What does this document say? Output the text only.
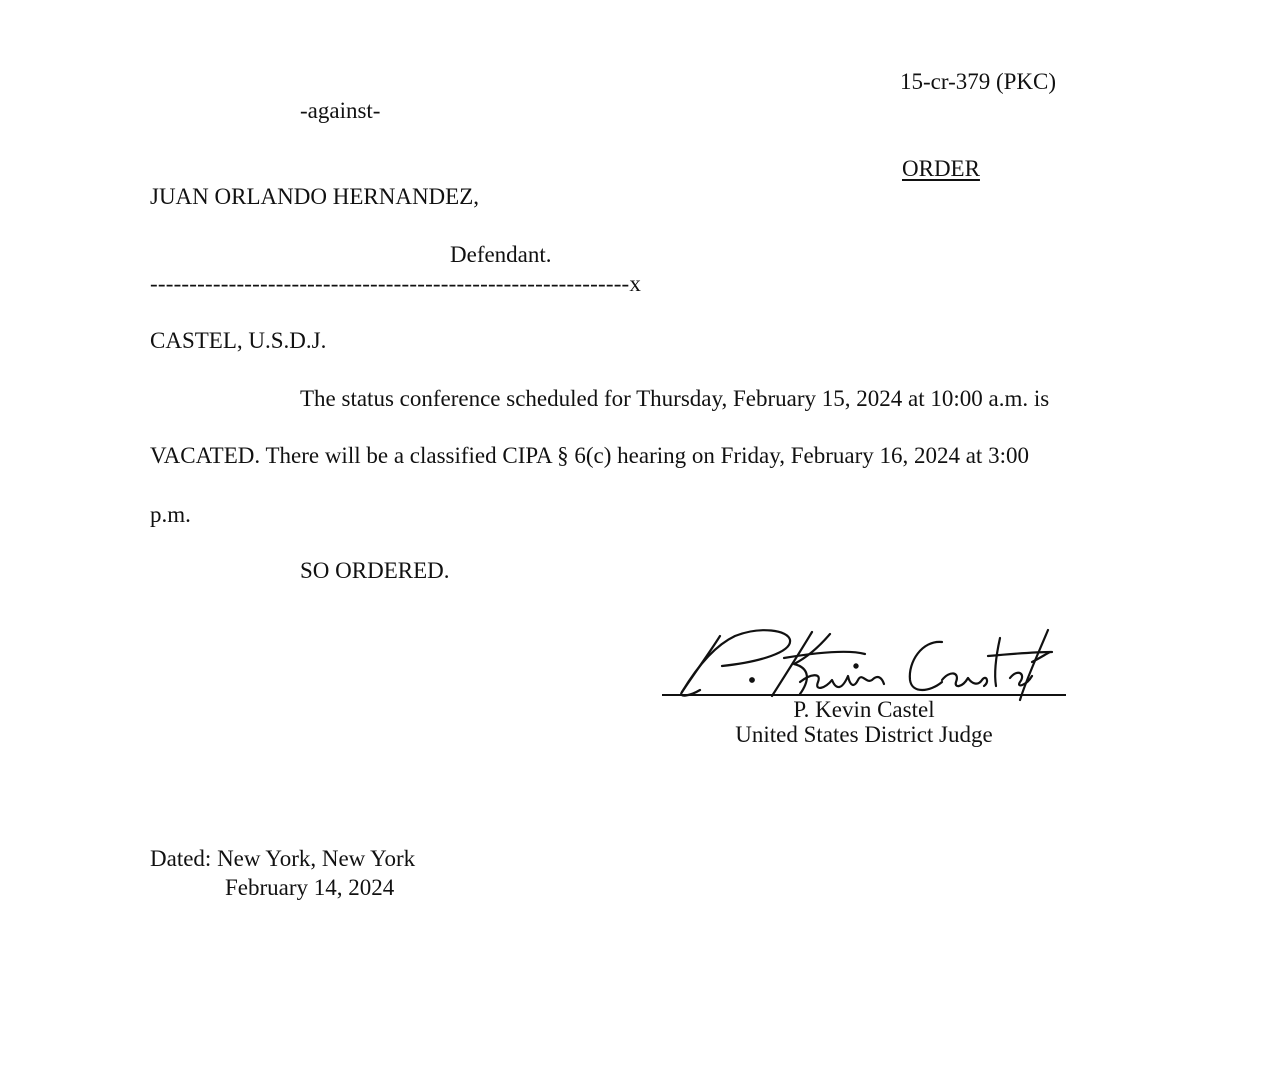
15-cr-379 (PKC)
-against-
ORDER
JUAN ORLANDO HERNANDEZ,
Defendant.
-------------------------------------------------------------x
CASTEL, U.S.D.J.
The status conference scheduled for Thursday, February 15, 2024 at 10:00 a.m. is
VACATED. There will be a classified CIPA § 6(c) hearing on Friday, February 16, 2024 at 3:00
p.m.
SO ORDERED.
P. Kevin Castel
United States District Judge
Dated: New York, New York
February 14, 2024
